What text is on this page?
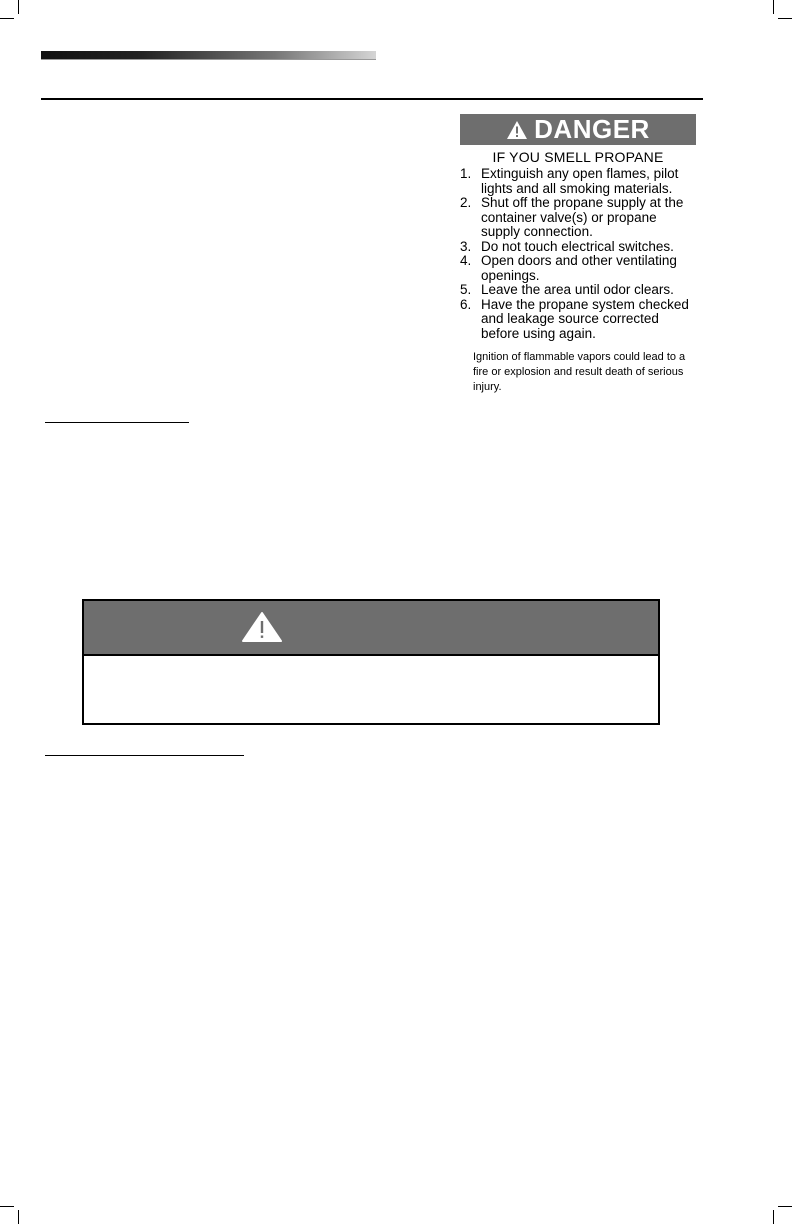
DANGER
IF YOU SMELL PROPANE
1. Extinguish any open flames, pilot lights and all smoking materials.
2. Shut off the propane supply at the container valve(s) or propane supply connection.
3. Do not touch electrical switches.
4. Open doors and other ventilating openings.
5. Leave the area until odor clears.
6. Have the propane system checked and leakage source corrected before using again.
Ignition of flammable vapors could lead to a fire or explosion and result death of serious injury.
